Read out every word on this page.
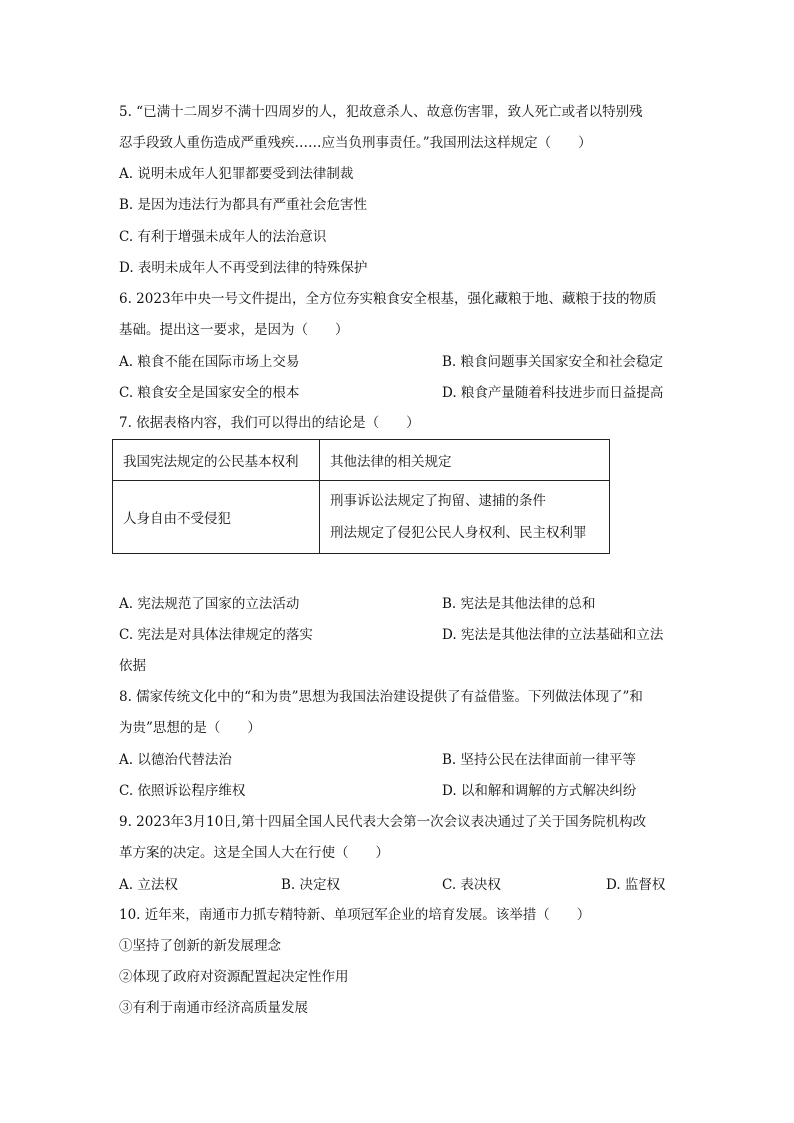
5. “已满十二周岁不满十四周岁的人，犯故意杀人、故意伤害罪，致人死亡或者以特别残
忍手段致人重伤造成严重残疾……应当负刑事责任。”我国刑法这样规定（　　）
A. 说明未成年人犯罪都要受到法律制裁
B. 是因为违法行为都具有严重社会危害性
C. 有利于增强未成年人的法治意识
D. 表明未成年人不再受到法律的特殊保护
6. 2023年中央一号文件提出，全方位夯实粮食安全根基，强化藏粮于地、藏粮于技的物质
基础。提出这一要求，是因为（　　）
A. 粮食不能在国际市场上交易	B. 粮食问题事关国家安全和社会稳定
C. 粮食安全是国家安全的根本	D. 粮食产量随着科技进步而日益提高
7. 依据表格内容，我们可以得出的结论是（　　）
我国宪法规定的公民基本权利	其他法律的相关规定
人身自由不受侵犯	刑事诉讼法规定了拘留、逮捕的条件
刑法规定了侵犯公民人身权利、民主权利罪
A. 宪法规范了国家的立法活动	B. 宪法是其他法律的总和
C. 宪法是对具体法律规定的落实	D. 宪法是其他法律的立法基础和立法
依据
8. 儒家传统文化中的“和为贵”思想为我国法治建设提供了有益借鉴。下列做法体现了”和
为贵”思想的是（　　）
A. 以德治代替法治	B. 坚持公民在法律面前一律平等
C. 依照诉讼程序维权	D. 以和解和调解的方式解决纠纷
9. 2023年3月10日,第十四届全国人民代表大会第一次会议表决通过了关于国务院机构改
革方案的决定。这是全国人大在行使（　　）
A. 立法权	B. 决定权	C. 表决权	D. 监督权
10. 近年来，南通市力抓专精特新、单项冠军企业的培育发展。该举措（　　）
①坚持了创新的新发展理念
②体现了政府对资源配置起决定性作用
③有利于南通市经济高质量发展
